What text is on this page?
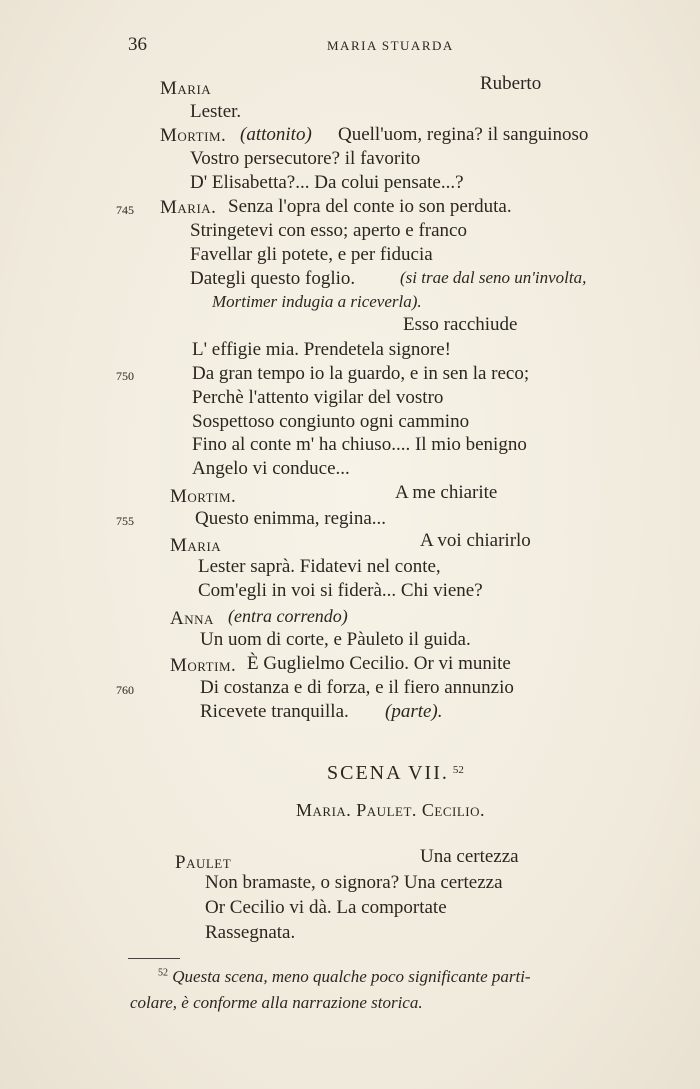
36	MARIA STUARDA
Maria	Ruberto
Lester.
Mortim. (attonito) Quell'uom, regina? il sanguinoso
Vostro persecutore? il favorito
D' Elisabetta?... Da colui pensate...?
745 Maria. Senza l'opra del conte io son perduta.
Stringetevi con esso; aperto e franco
Favellar gli potete, e per fiducia
Dategli questo foglio.	(si trae dal seno un'involta,
Mortimer indugia a riceverla).
Esso racchiude
L' effigie mia. Prendetela signore!
750	Da gran tempo io la guardo, e in sen la reco;
Perchè l'attento vigilar del vostro
Sospettoso congiunto ogni cammino
Fino al conte m' ha chiuso.... Il mio benigno
Angelo vi conduce...
Mortim.	A me chiarite
755	Questo enimma, regina...
Maria	A voi chiarirlo
Lester saprà. Fidatevi nel conte,
Com'egli in voi si fiderà... Chi viene?
Anna (entra correndo)
Un uom di corte, e Pàuleto il guida.
Mortim. È Guglielmo Cecilio. Or vi munite
760	Di costanza e di forza, e il fiero annunzio
Ricevete tranquilla. (parte).
SCENA VII. $^{52}$
Maria. Paulet. Cecilio.
Paulet	Una certezza
Non bramaste, o signora? Una certezza
Or Cecilio vi dà. La comportate
Rassegnata.
$^{52}$ Questa scena, meno qualche poco significante parti-
colare, è conforme alla narrazione storica.
